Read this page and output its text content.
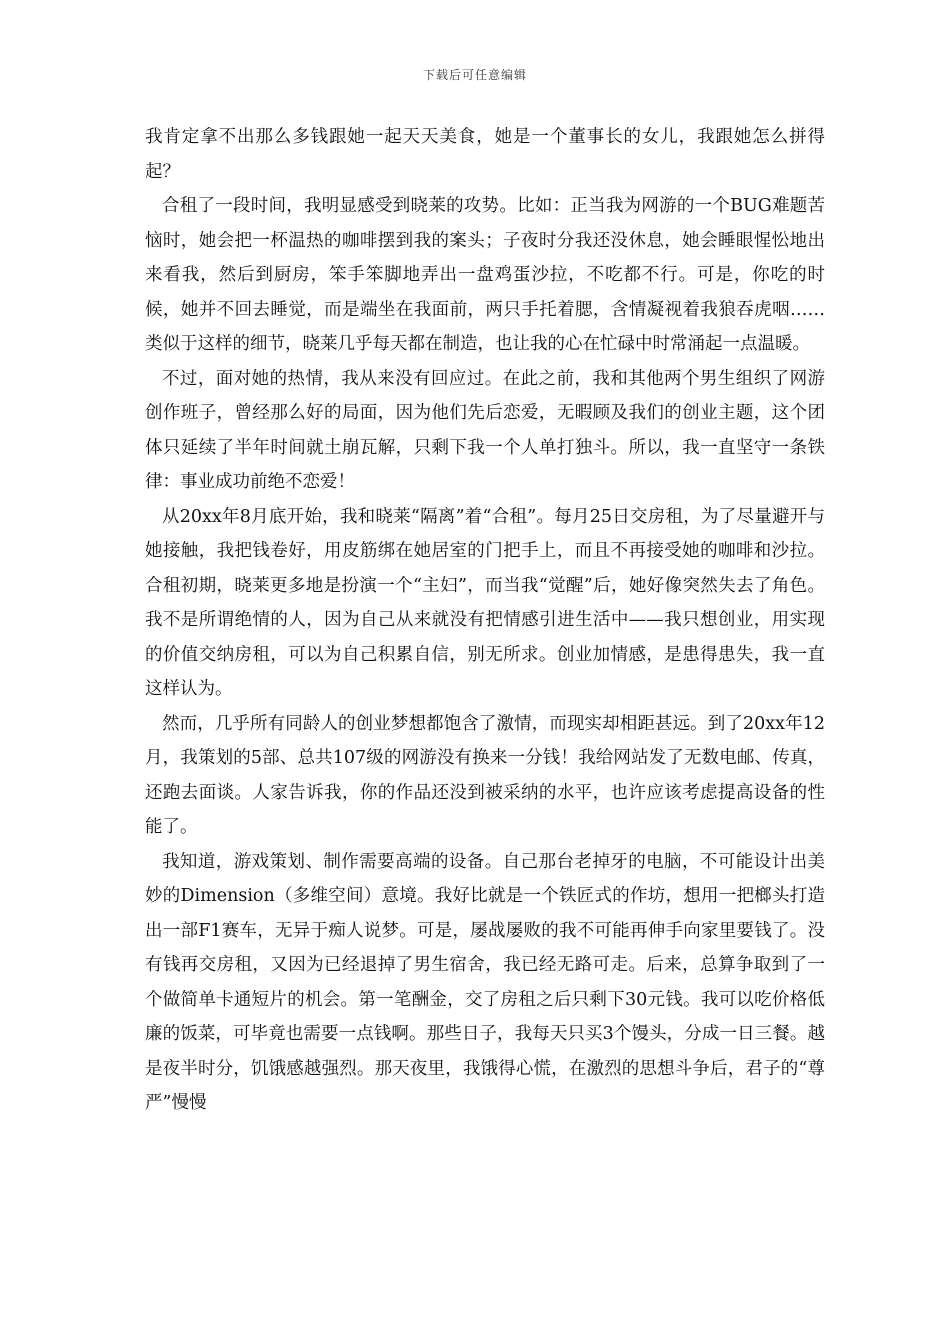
下载后可任意编辑

我肯定拿不出那么多钱跟她一起天天美食，她是一个董事长的女儿，我跟她怎么拼得起？

合租了一段时间，我明显感受到晓莱的攻势。比如：正当我为网游的一个BUG难题苦恼时，她会把一杯温热的咖啡摆到我的案头；子夜时分我还没休息，她会睡眼惺忪地出来看我，然后到厨房，笨手笨脚地弄出一盘鸡蛋沙拉，不吃都不行。可是，你吃的时候，她并不回去睡觉，而是端坐在我面前，两只手托着腮，含情凝视着我狼吞虎咽……类似于这样的细节，晓莱几乎每天都在制造，也让我的心在忙碌中时常涌起一点温暖。

不过，面对她的热情，我从来没有回应过。在此之前，我和其他两个男生组织了网游创作班子，曾经那么好的局面，因为他们先后恋爱，无暇顾及我们的创业主题，这个团体只延续了半年时间就土崩瓦解，只剩下我一个人单打独斗。所以，我一直坚守一条铁律：事业成功前绝不恋爱！

从20xx年8月底开始，我和晓莱“隔离”着“合租”。每月25日交房租，为了尽量避开与她接触，我把钱卷好，用皮筋绑在她居室的门把手上，而且不再接受她的咖啡和沙拉。合租初期，晓莱更多地是扮演一个“主妇”，而当我“觉醒”后，她好像突然失去了角色。我不是所谓绝情的人，因为自己从来就没有把情感引进生活中——我只想创业，用实现的价值交纳房租，可以为自己积累自信，别无所求。创业加情感，是患得患失，我一直这样认为。

然而，几乎所有同龄人的创业梦想都饱含了激情，而现实却相距甚远。到了20xx年12月，我策划的5部、总共107级的网游没有换来一分钱！我给网站发了无数电邮、传真，还跑去面谈。人家告诉我，你的作品还没到被采纳的水平，也许应该考虑提高设备的性能了。

我知道，游戏策划、制作需要高端的设备。自己那台老掉牙的电脑，不可能设计出美妙的Dimension（多维空间）意境。我好比就是一个铁匠式的作坊，想用一把榔头打造出一部F1赛车，无异于痴人说梦。可是，屡战屡败的我不可能再伸手向家里要钱了。没有钱再交房租，又因为已经退掉了男生宿舍，我已经无路可走。后来，总算争取到了一个做简单卡通短片的机会。第一笔酬金，交了房租之后只剩下30元钱。我可以吃价格低廉的饭菜，可毕竟也需要一点钱啊。那些日子，我每天只买3个馒头，分成一日三餐。越是夜半时分，饥饿感越强烈。那天夜里，我饿得心慌，在激烈的思想斗争后，君子的“尊严”慢慢
